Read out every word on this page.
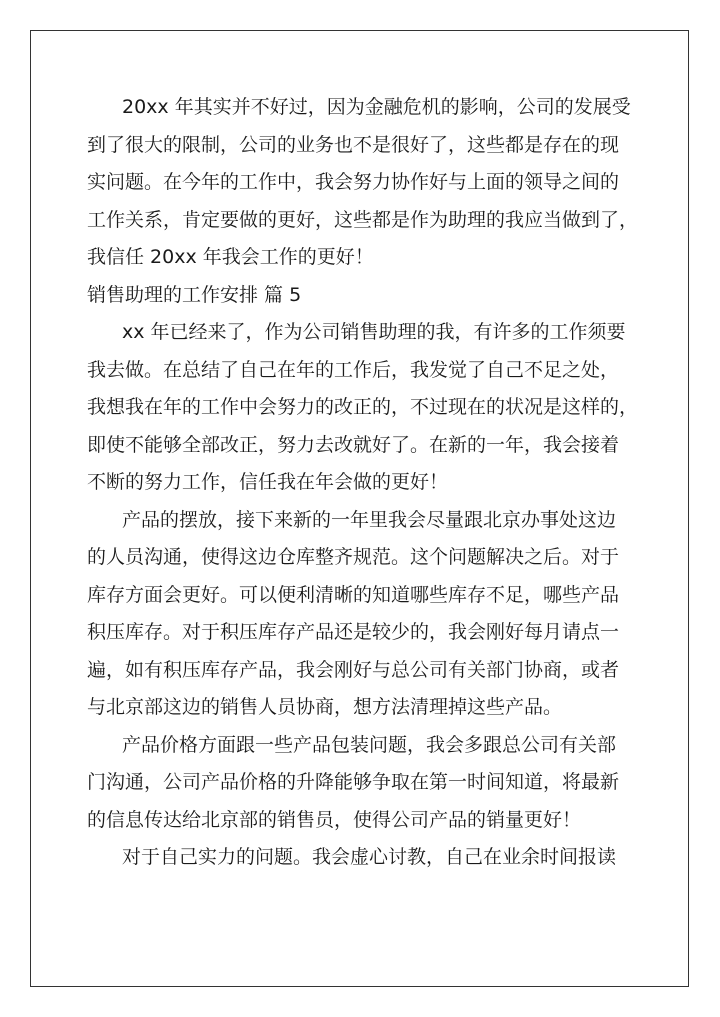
20xx 年其实并不好过，因为金融危机的影响，公司的发展受
到了很大的限制，公司的业务也不是很好了，这些都是存在的现
实问题。在今年的工作中，我会努力协作好与上面的领导之间的
工作关系，肯定要做的更好，这些都是作为助理的我应当做到了，
我信任 20xx 年我会工作的更好！
销售助理的工作安排 篇 5
xx 年已经来了，作为公司销售助理的我，有许多的工作须要
我去做。在总结了自己在年的工作后，我发觉了自己不足之处，
我想我在年的工作中会努力的改正的，不过现在的状况是这样的，
即使不能够全部改正，努力去改就好了。在新的一年，我会接着
不断的努力工作，信任我在年会做的更好！
产品的摆放，接下来新的一年里我会尽量跟北京办事处这边
的人员沟通，使得这边仓库整齐规范。这个问题解决之后。对于
库存方面会更好。可以便利清晰的知道哪些库存不足，哪些产品
积压库存。对于积压库存产品还是较少的，我会刚好每月请点一
遍，如有积压库存产品，我会刚好与总公司有关部门协商，或者
与北京部这边的销售人员协商，想方法清理掉这些产品。
产品价格方面跟一些产品包装问题，我会多跟总公司有关部
门沟通，公司产品价格的升降能够争取在第一时间知道，将最新
的信息传达给北京部的销售员，使得公司产品的销量更好！
对于自己实力的问题。我会虚心讨教，自己在业余时间报读
